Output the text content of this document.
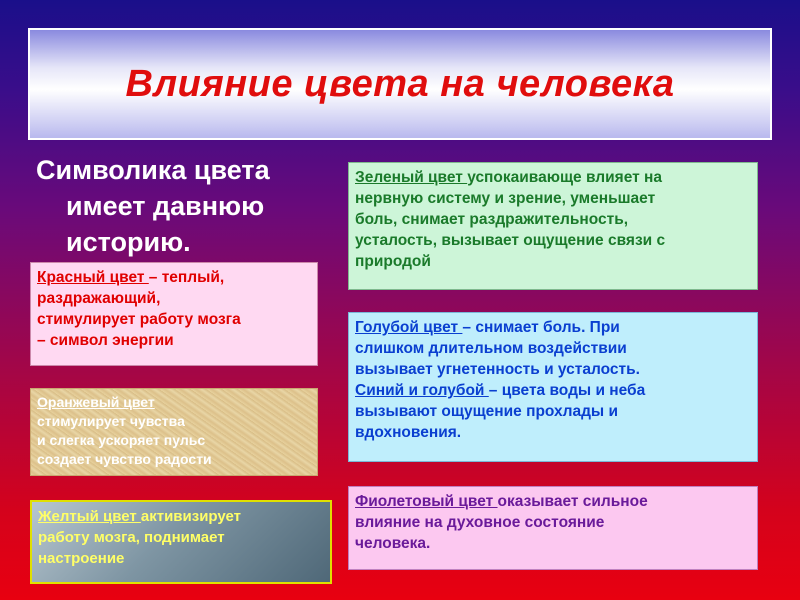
Влияние цвета на человека
Символика цвета
имеет давнюю
историю.
Красный цвет – теплый,
раздражающий,
стимулирует работу мозга
– символ энергии
Оранжевый цвет
стимулирует чувства
и слегка ускоряет пульс
создает чувство радости
Желтый цвет активизирует
работу мозга, поднимает
настроение
Зеленый цвет успокаивающе влияет на
нервную систему и зрение, уменьшает
боль, снимает раздражительность,
усталость, вызывает ощущение связи с
природой
Голубой цвет – снимает боль. При
слишком длительном воздействии
вызывает угнетенность и усталость.
Синий и голубой – цвета воды и неба
вызывают ощущение прохлады и
вдохновения.
Фиолетовый цвет оказывает сильное
влияние на духовное состояние
человека.
